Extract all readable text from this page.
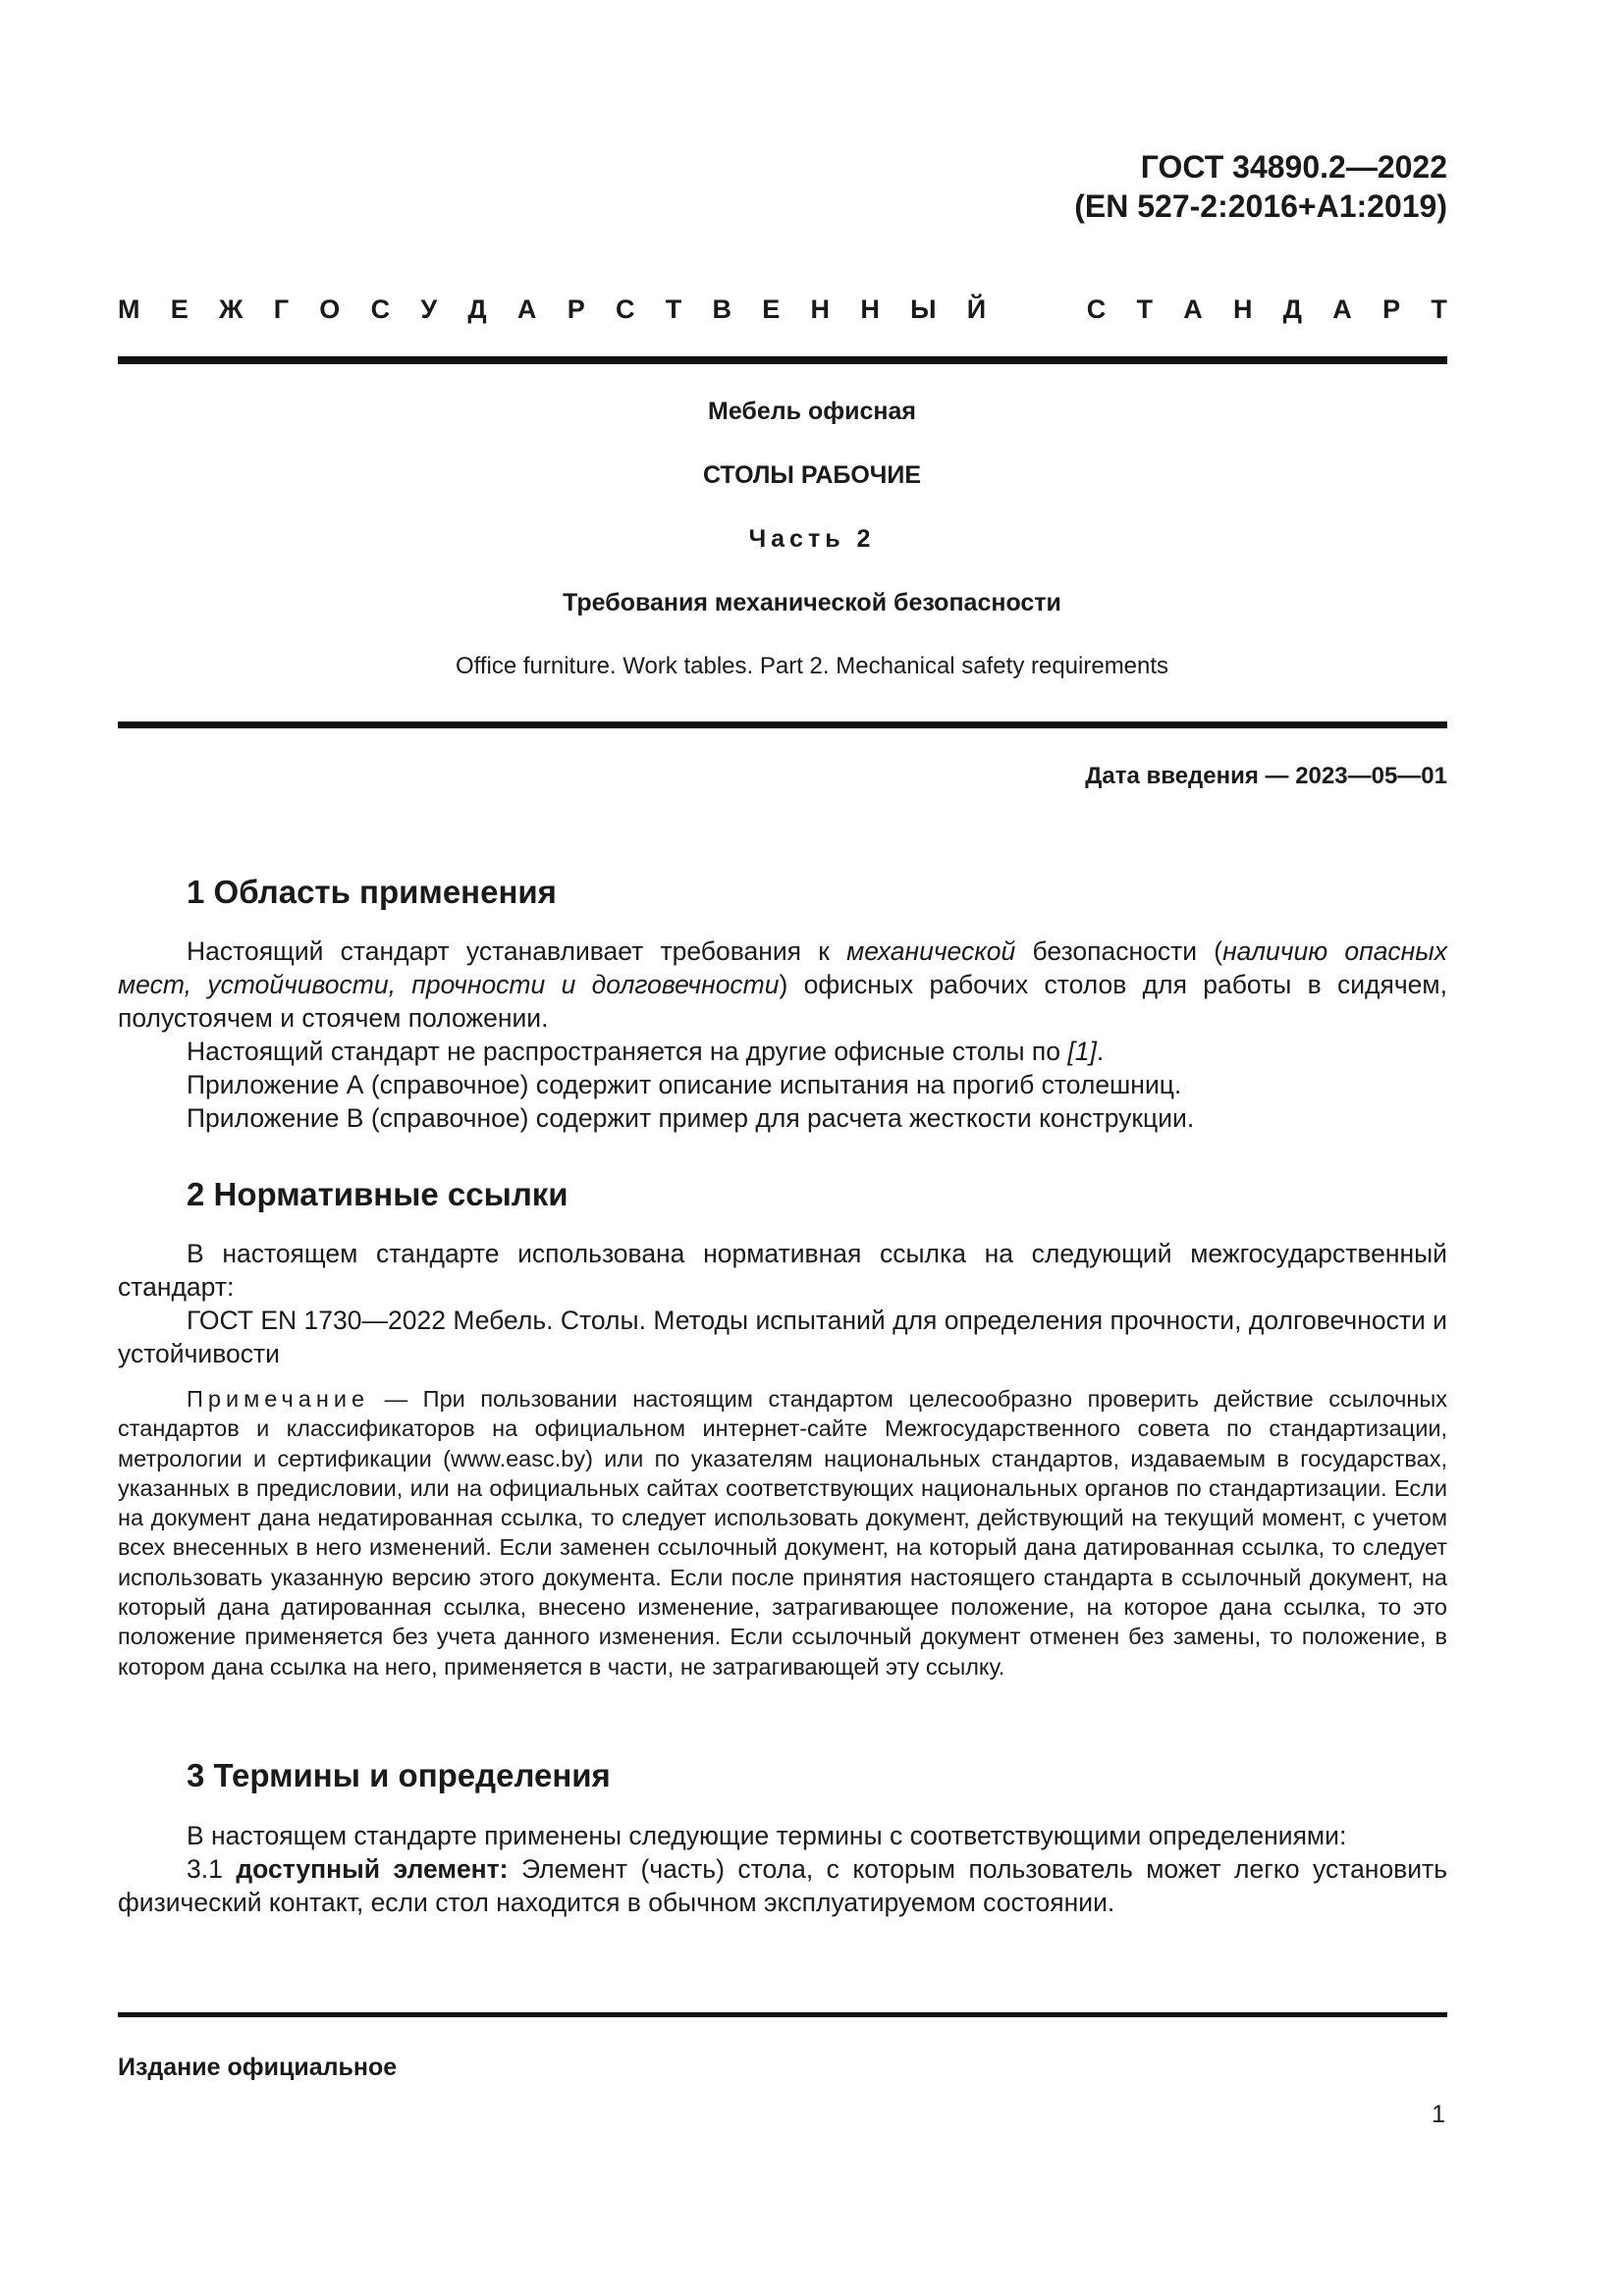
ГОСТ 34890.2—2022
(EN 527-2:2016+A1:2019)
М Е Ж Г О С У Д А Р С Т В Е Н Н Ы Й	С Т А Н Д А Р Т
Мебель офисная
СТОЛЫ РАБОЧИЕ
Часть 2
Требования механической безопасности
Office furniture. Work tables. Part 2. Mechanical safety requirements
Дата введения — 2023—05—01
1 Область применения
Настоящий стандарт устанавливает требования к механической безопасности (наличию опасных мест, устойчивости, прочности и долговечности) офисных рабочих столов для работы в сидячем, полустоячем и стоячем положении.
Настоящий стандарт не распространяется на другие офисные столы по [1].
Приложение А (справочное) содержит описание испытания на прогиб столешниц.
Приложение В (справочное) содержит пример для расчета жесткости конструкции.
2 Нормативные ссылки
В настоящем стандарте использована нормативная ссылка на следующий межгосударственный стандарт:
ГОСТ EN 1730—2022 Мебель. Столы. Методы испытаний для определения прочности, долговечности и устойчивости
Примечание — При пользовании настоящим стандартом целесообразно проверить действие ссылочных стандартов и классификаторов на официальном интернет-сайте Межгосударственного совета по стандартизации, метрологии и сертификации (www.easc.by) или по указателям национальных стандартов, издаваемым в государствах, указанных в предисловии, или на официальных сайтах соответствующих национальных органов по стандартизации. Если на документ дана недатированная ссылка, то следует использовать документ, действующий на текущий момент, с учетом всех внесенных в него изменений. Если заменен ссылочный документ, на который дана датированная ссылка, то следует использовать указанную версию этого документа. Если после принятия настоящего стандарта в ссылочный документ, на который дана датированная ссылка, внесено изменение, затрагивающее положение, на которое дана ссылка, то это положение применяется без учета данного изменения. Если ссылочный документ отменен без замены, то положение, в котором дана ссылка на него, применяется в части, не затрагивающей эту ссылку.
3 Термины и определения
В настоящем стандарте применены следующие термины с соответствующими определениями:
3.1 доступный элемент: Элемент (часть) стола, с которым пользователь может легко установить физический контакт, если стол находится в обычном эксплуатируемом состоянии.
Издание официальное
1
